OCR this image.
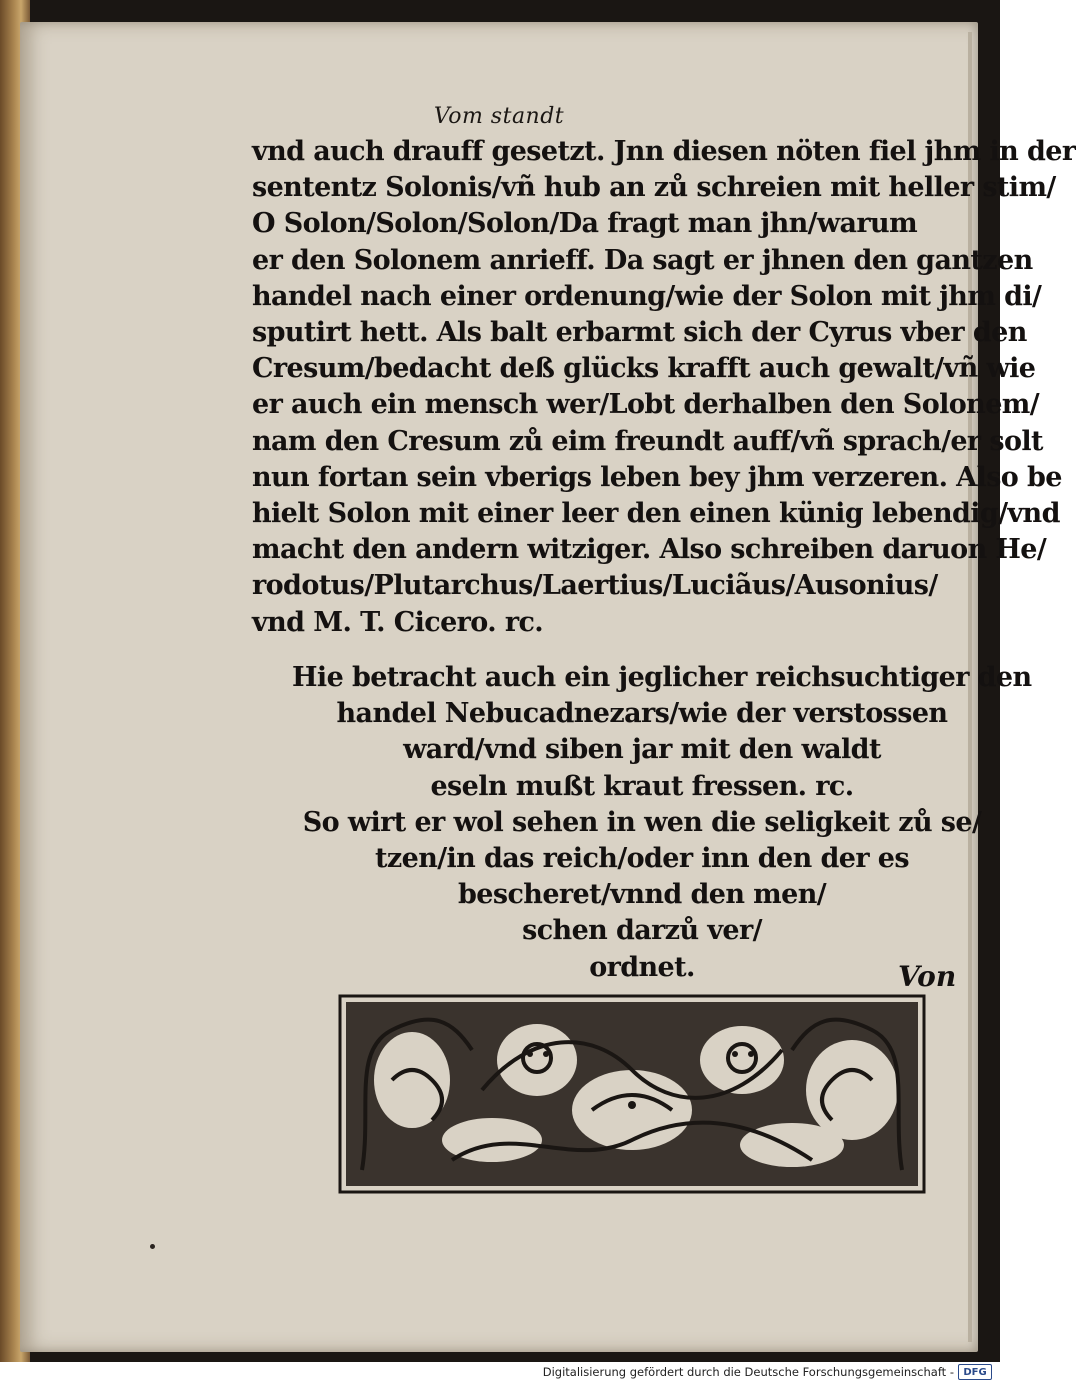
Vom standt
vnd auch drauff gesetzt. Jnn diesen nöten fiel jhm in der
sententz Solonis/vñ hub an zů schreien mit heller stim/
O Solon/Solon/Solon/Da fragt man jhn/warum
er den Solonem anrieff. Da sagt er jhnen den gantzen
handel nach einer ordenung/wie der Solon mit jhm di/
sputirt hett. Als balt erbarmt sich der Cyrus vber den
Cresum/bedacht deß glücks krafft auch gewalt/vñ wie
er auch ein mensch wer/Lobt derhalben den Solonem/
nam den Cresum zů eim freundt auff/vñ sprach/er solt
nun fortan sein vberigs leben bey jhm verzeren. Also be
hielt Solon mit einer leer den einen künig lebendig/vnd
macht den andern witziger. Also schreiben daruon He/
rodotus/Plutarchus/Laertius/Luciãus/Ausonius/
vnd M. T. Cicero. rc.
Hie betracht auch ein jeglicher reichsuchtiger den
handel Nebucadnezars/wie der verstossen
ward/vnd siben jar mit den waldt
eseln mußt kraut fressen. rc.
So wirt er wol sehen in wen die seligkeit zů se/
tzen/in das reich/oder inn den der es
bescheret/vnnd den men/
schen darzů ver/
ordnet.	Von
Digitalisierung gefördert durch die Deutsche Forschungsgemeinschaft - DFG
